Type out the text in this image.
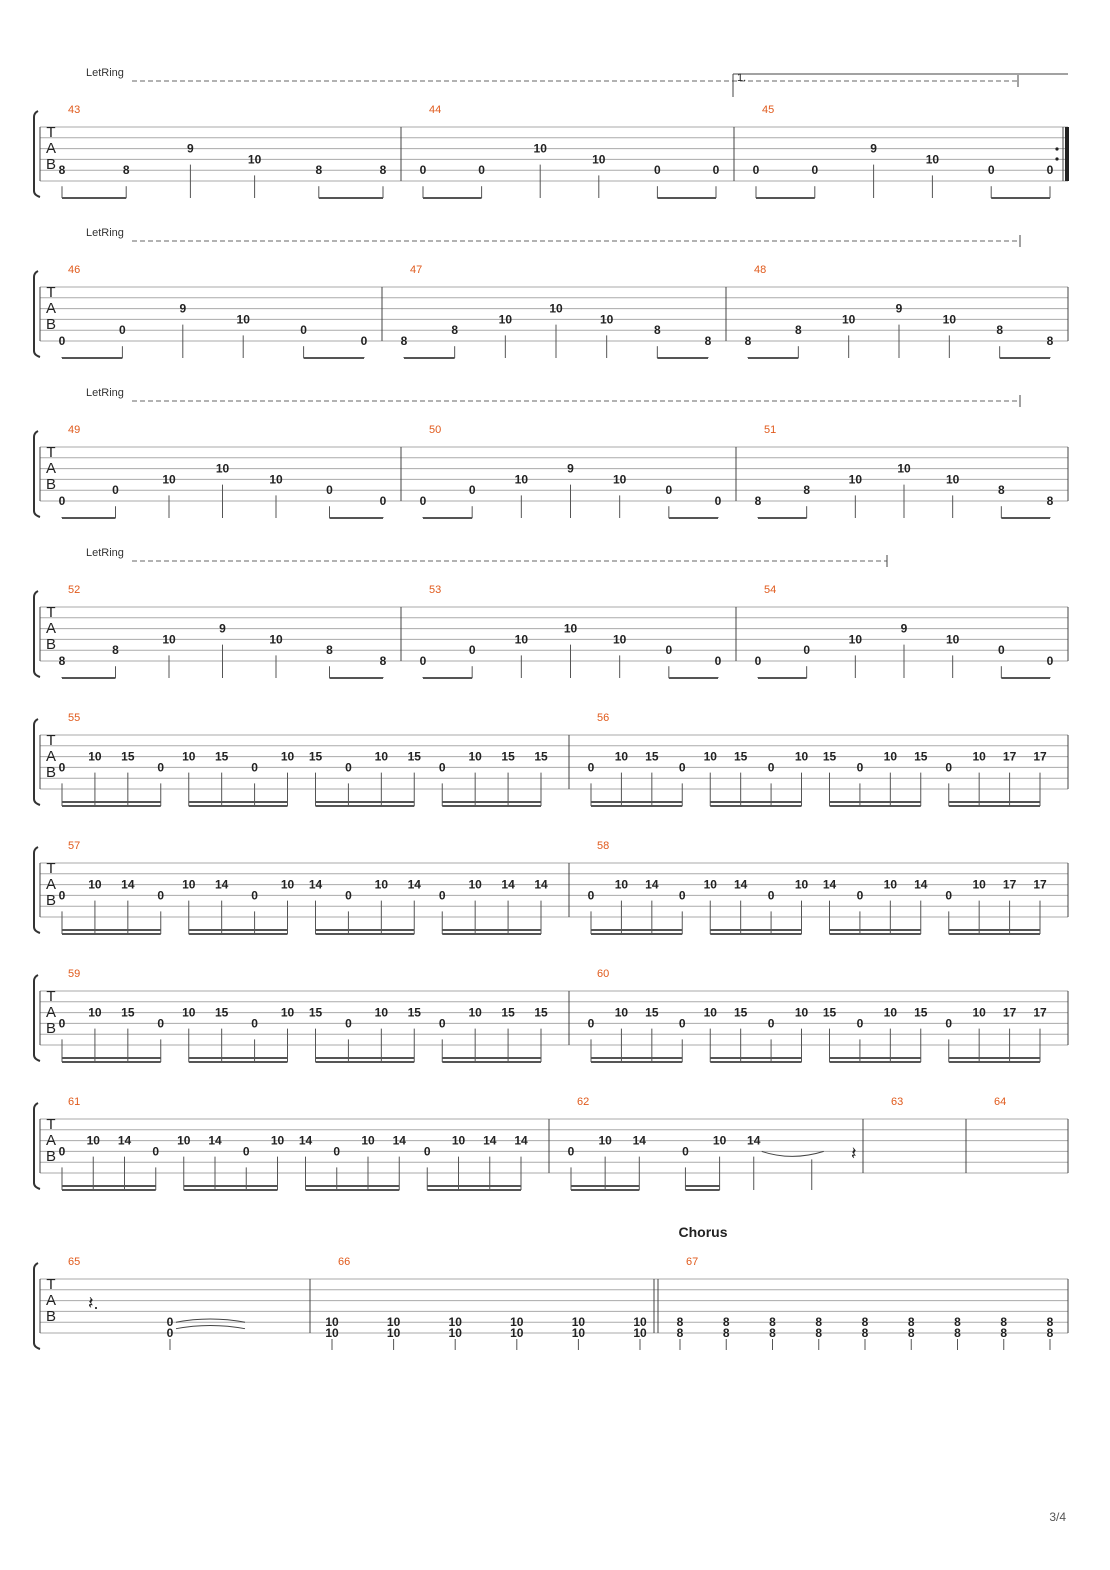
T
A
B
LetRing	1.
43
8	8
9
10
8	8
44
0	0
10
10
0	0
45
0	0
9
10
0	0
T
A
B
LetRing
46
0
0
9
10
0
0
47
8
8
10
10
10
8
8
48
8
8
10
9
10
8
8
T
A
B
LetRing
49
0
0
10
10
10
0
0
50
0
0
10
9
10
0
0
51
8
8
10
10
10
8
8
T
A
B
LetRing
52
8
8
10
9
10
8
8
53
0
0
10
10
10
0
0
54
0
0
10
9
10
0
0
T
A
B
55
0
10 15
0
10 15
0
10 15
0
10 15
0
10 15 15
56
0
10 15
0
10 15
0
10 15
0
10 15
0
10 17 17
T
A
B
57
0
10 14
0
10 14
0
10 14
0
10 14
0
10 14 14
58
0
10 14
0
10 14
0
10 14
0
10 14
0
10 17 17
T
A
B
59
0
10 15
0
10 15
0
10 15
0
10 15
0
10 15 15
60
0
10 15
0
10 15
0
10 15
0
10 15
0
10 17 17
T
A
B
61
0
10 14
0
10 14
0
10 14
0
10 14
0
10 14 14
62
0
10 14
0
10 14
𝄽
63	64
T
A
B
Chorus
65
0
0
𝄽.
66
10
10
10
10
10
10
10
10
10
10
10
10
67
8
8
8
8
8
8
8
8
8
8
8
8
8
8
8
8
8
8
3/4
